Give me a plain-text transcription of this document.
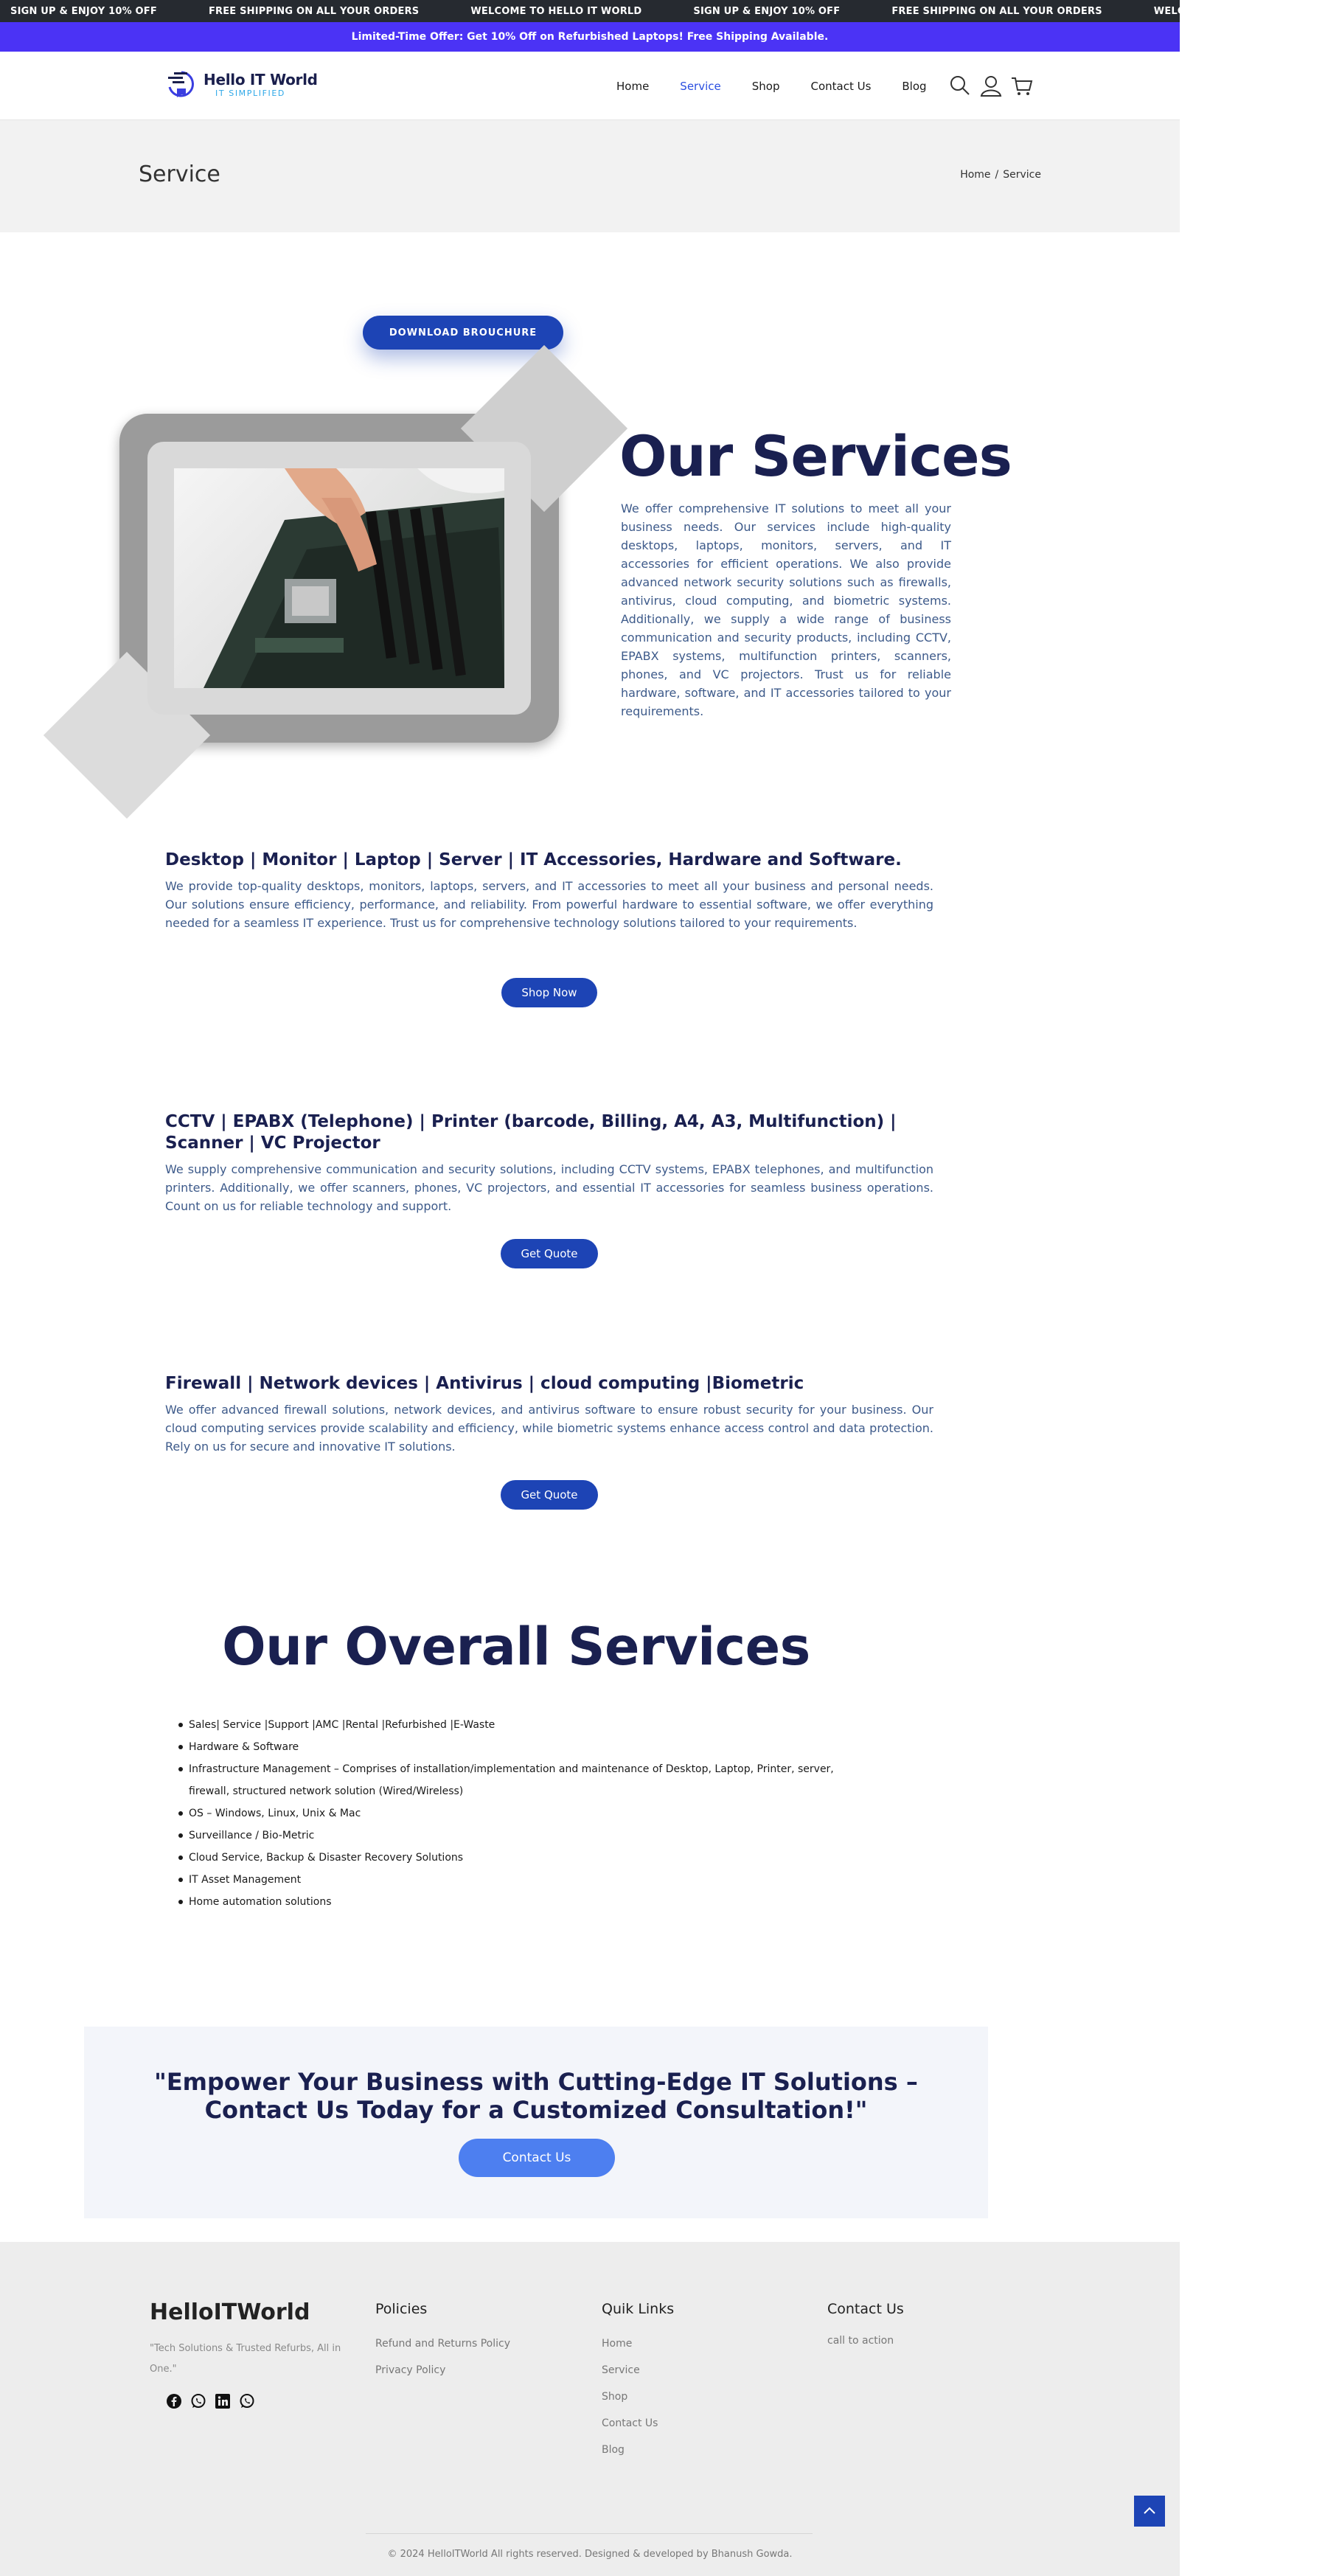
SIGN UP & ENJOY 10% OFF	FREE SHIPPING ON ALL YOUR ORDERS	WELCOME TO HELLO IT WORLD	SIGN UP & ENJOY 10% OFF	FREE SHIPPING ON ALL YOUR ORDERS	WELCOME TO HELLO IT WORLD
Limited-Time Offer: Get 10% Off on Refurbished Laptops! Free Shipping Available.
Hello IT World
IT SIMPLIFIED
Home	Service	Shop	Contact Us	Blog
Service	Home / Service
DOWNLOAD BROUCHURE
Our Services

We offer comprehensive IT solutions to meet all your business needs. Our services include high-quality desktops, laptops, monitors, servers, and IT accessories for efficient operations. We also provide advanced network security solutions such as firewalls, antivirus, cloud computing, and biometric systems. Additionally, we supply a wide range of business communication and security products, including CCTV, EPABX systems, multifunction printers, scanners, phones, and VC projectors. Trust us for reliable hardware, software, and IT accessories tailored to your requirements.

Desktop | Monitor | Laptop | Server | IT Accessories, Hardware and Software.

We provide top-quality desktops, monitors, laptops, servers, and IT accessories to meet all your business and personal needs. Our solutions ensure efficiency, performance, and reliability. From powerful hardware to essential software, we offer everything needed for a seamless IT experience. Trust us for comprehensive technology solutions tailored to your requirements.

Shop Now
CCTV | EPABX (Telephone) | Printer (barcode, Billing, A4, A3, Multifunction) | Scanner | VC Projector

We supply comprehensive communication and security solutions, including CCTV systems, EPABX telephones, and multifunction printers. Additionally, we offer scanners, phones, VC projectors, and essential IT accessories for seamless business operations. Count on us for reliable technology and support.

Get Quote
Firewall | Network devices | Antivirus | cloud computing |Biometric

We offer advanced firewall solutions, network devices, and antivirus software to ensure robust security for your business. Our cloud computing services provide scalability and efficiency, while biometric systems enhance access control and data protection. Rely on us for secure and innovative IT solutions.

Get Quote
Our Overall Services
Sales| Service |Support |AMC |Rental |Refurbished |E-Waste
Hardware & Software
Infrastructure Management – Comprises of installation/implementation and maintenance of Desktop, Laptop, Printer, server, firewall, structured network solution (Wired/Wireless)
OS – Windows, Linux, Unix & Mac
Surveillance / Bio-Metric
Cloud Service, Backup & Disaster Recovery Solutions
IT Asset Management
Home automation solutions
"Empower Your Business with Cutting-Edge IT Solutions – Contact Us Today for a Customized Consultation!"
Contact Us
HelloITWorld
"Tech Solutions & Trusted Refurbs, All in One."
Policies
Refund and Returns Policy
Privacy Policy
Quik Links
Home
Service
Shop
Contact Us
Blog
Contact Us
call to action
© 2024 HelloITWorld All rights reserved. Designed & developed by Bhanush Gowda.
